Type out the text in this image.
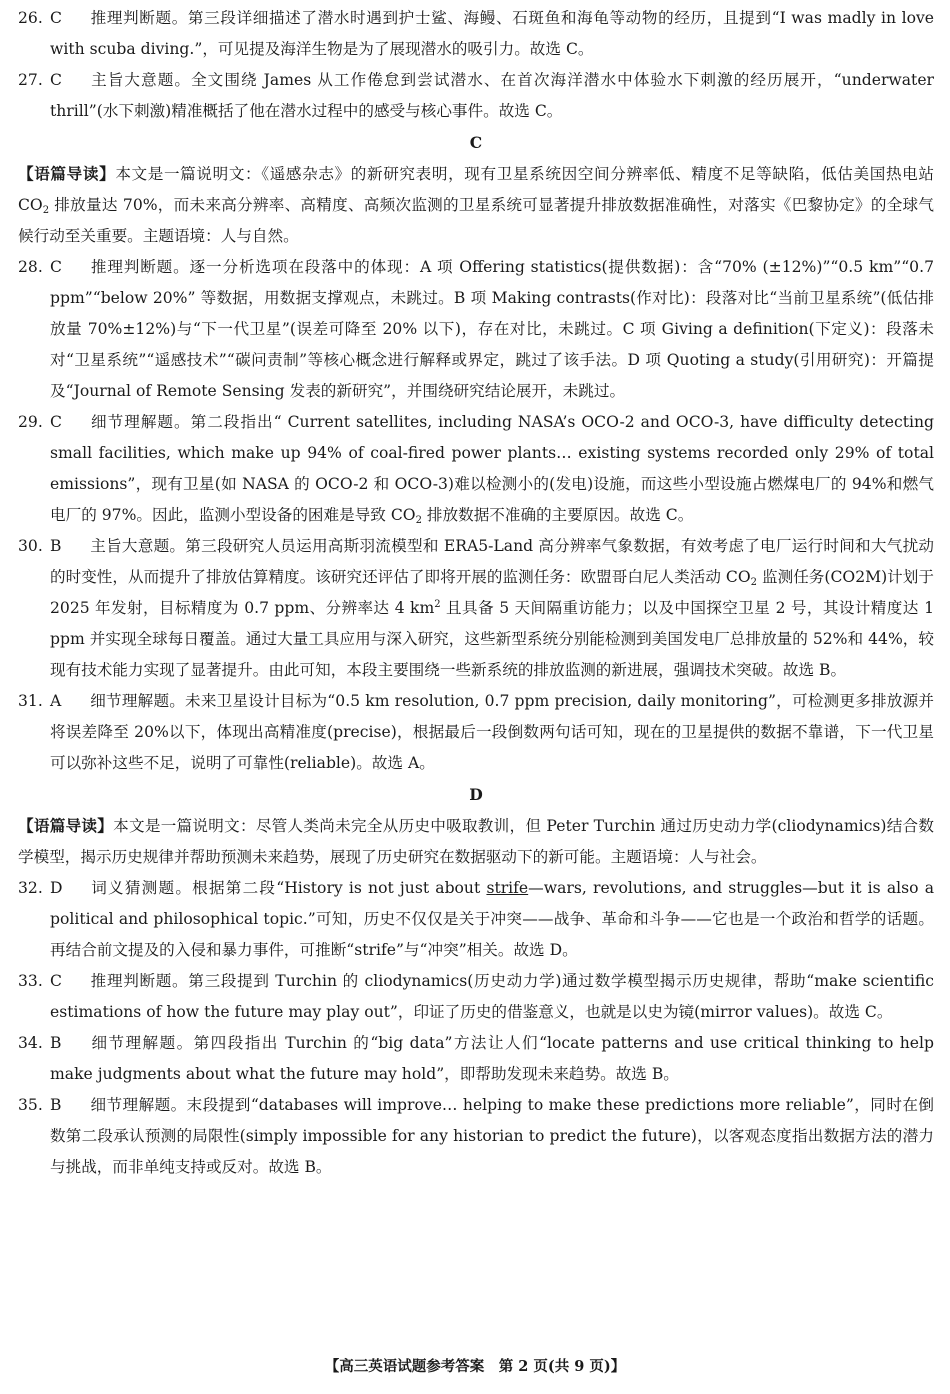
26. C 推理判断题。第三段详细描述了潜水时遇到护士鲨、海鳗、石斑鱼和海龟等动物的经历，且提到“I was madly in love with scuba diving.”，可见提及海洋生物是为了展现潜水的吸引力。故选 C。

27. C 主旨大意题。全文围绕 James 从工作倦怠到尝试潜水、在首次海洋潜水中体验水下刺激的经历展开，“underwater thrill”(水下刺激)精准概括了他在潜水过程中的感受与核心事件。故选 C。

C

【语篇导读】本文是一篇说明文：《遥感杂志》的新研究表明，现有卫星系统因空间分辨率低、精度不足等缺陷，低估美国热电站 $CO_2$ 排放量达 70%，而未来高分辨率、高精度、高频次监测的卫星系统可显著提升排放数据准确性，对落实《巴黎协定》的全球气候行动至关重要。主题语境：人与自然。

28. C 推理判断题。逐一分析选项在段落中的体现：A 项 Offering statistics(提供数据)：含“70% (±12%)”“0.5 km”“0.7 ppm”“below 20%” 等数据，用数据支撑观点，未跳过。B 项 Making contrasts(作对比)：段落对比“当前卫星系统”(低估排放量 70%±12%)与“下一代卫星”(误差可降至 20% 以下)，存在对比，未跳过。C 项 Giving a definition(下定义)：段落未对“卫星系统”“遥感技术”“碳问责制”等核心概念进行解释或界定，跳过了该手法。D 项 Quoting a study(引用研究)：开篇提及“Journal of Remote Sensing 发表的新研究”，并围绕研究结论展开，未跳过。

29. C 细节理解题。第二段指出“ Current satellites, including NASA’s OCO-2 and OCO-3, have difficulty detecting small facilities, which make up 94% of coal-fired power plants… existing systems recorded only 29% of total emissions”，现有卫星(如 NASA 的 OCO-2 和 OCO-3)难以检测小的(发电)设施，而这些小型设施占燃煤电厂的 94%和燃气电厂的 97%。因此，监测小型设备的困难是导致 $CO_2$ 排放数据不准确的主要原因。故选 C。

30. B 主旨大意题。第三段研究人员运用高斯羽流模型和 ERA5-Land 高分辨率气象数据，有效考虑了电厂运行时间和大气扰动的时变性，从而提升了排放估算精度。该研究还评估了即将开展的监测任务：欧盟哥白尼人类活动 $CO_2$ 监测任务(CO2M)计划于 2025 年发射，目标精度为 0.7 ppm、分辨率达 4 $km^2$ 且具备 5 天间隔重访能力；以及中国探空卫星 2 号，其设计精度达 1 ppm 并实现全球每日覆盖。通过大量工具应用与深入研究，这些新型系统分别能检测到美国发电厂总排放量的 52%和 44%，较现有技术能力实现了显著提升。由此可知，本段主要围绕一些新系统的排放监测的新进展，强调技术突破。故选 B。

31. A 细节理解题。未来卫星设计目标为“0.5 km resolution, 0.7 ppm precision, daily monitoring”，可检测更多排放源并将误差降至 20%以下，体现出高精准度(precise)，根据最后一段倒数两句话可知，现在的卫星提供的数据不靠谱，下一代卫星可以弥补这些不足，说明了可靠性(reliable)。故选 A。

D

【语篇导读】本文是一篇说明文：尽管人类尚未完全从历史中吸取教训，但 Peter Turchin 通过历史动力学(cliodynamics)结合数学模型，揭示历史规律并帮助预测未来趋势，展现了历史研究在数据驱动下的新可能。主题语境：人与社会。

32. D 词义猜测题。根据第二段“History is not just about strife—wars, revolutions, and struggles—but it is also a political and philosophical topic.”可知，历史不仅仅是关于冲突——战争、革命和斗争——它也是一个政治和哲学的话题。再结合前文提及的入侵和暴力事件，可推断“strife”与“冲突”相关。故选 D。

33. C 推理判断题。第三段提到 Turchin 的 cliodynamics(历史动力学)通过数学模型揭示历史规律，帮助“make scientific estimations of how the future may play out”，印证了历史的借鉴意义，也就是以史为镜(mirror values)。故选 C。

34. B 细节理解题。第四段指出 Turchin 的“big data”方法让人们“locate patterns and use critical thinking to help make judgments about what the future may hold”，即帮助发现未来趋势。故选 B。

35. B 细节理解题。末段提到“databases will improve… helping to make these predictions more reliable”，同时在倒数第二段承认预测的局限性(simply impossible for any historian to predict the future)，以客观态度指出数据方法的潜力与挑战，而非单纯支持或反对。故选 B。

【高三英语试题参考答案　第 2 页(共 9 页)】
